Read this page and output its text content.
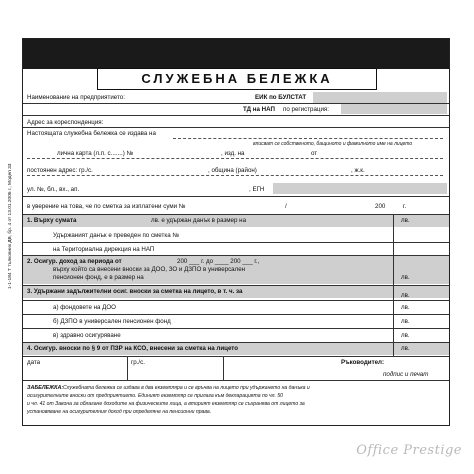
СЛУЖЕБНА БЕЛЕЖКА
Наименование на предприятието:	ЕИК по БУЛСТАТ
ТД на НАП по регистрация:
Адрес за кореспонденция:
Настоящата служебна бележка се издава на
вписват се собственото, бащиното и фамилното име на лицето
лична карта (л.п. с.......) №	, изд. на	от
постоянен адрес: гр./с.	, община (район)	, ж.к.
ул. №, бл., вх., ап.	, ЕГН
в уверение на това, че по сметка за изплатени суми №	/	200	г.
1. Върху сумата	лв. е удържан данък в размер на	лв.
Удържаният данък е преведен по сметка №
на Териториална дирекция на НАП
2. Осигур. доход за периода от	200 ___ г. до ____ 200 ___ г.,
върху който са внесени вноски за ДОО, ЗО и ДЗПО в универсален
пенсионен фонд, е в размер на	лв.
3. Удържани задължителни осиг. вноски за сметка на лицето, в т. ч. за
лв.
а) фондовете на ДОО	лв.
б) ДЗПО в универсален пенсионен фонд	лв.
в) здравно осигуряване	лв.
4. Осигур. вноски по § 9 от ПЗР на КСО, внесени за сметка на лицето	лв.
дата	гр./с.	Ръководител:
подпис и печат
ЗАБЕЛЕЖКА: Служебната бележка се издава в два екземпляра и се връчва на лицето при удържането на данъка и
осигурителните вноски от предприятието. Единият екземпляр се прилага към декларацията по чл. 50
и чл. 41 от Закона за облагане доходите на физическите лица, а вторият екземпляр се съхранява от лицето за
установяване на осигурителния доход при определяне на пенсионни права.
1-1-184 Т тълковник ДВ, бр. 4 от 13.01.2006 г., Модел 33
Office Prestige
